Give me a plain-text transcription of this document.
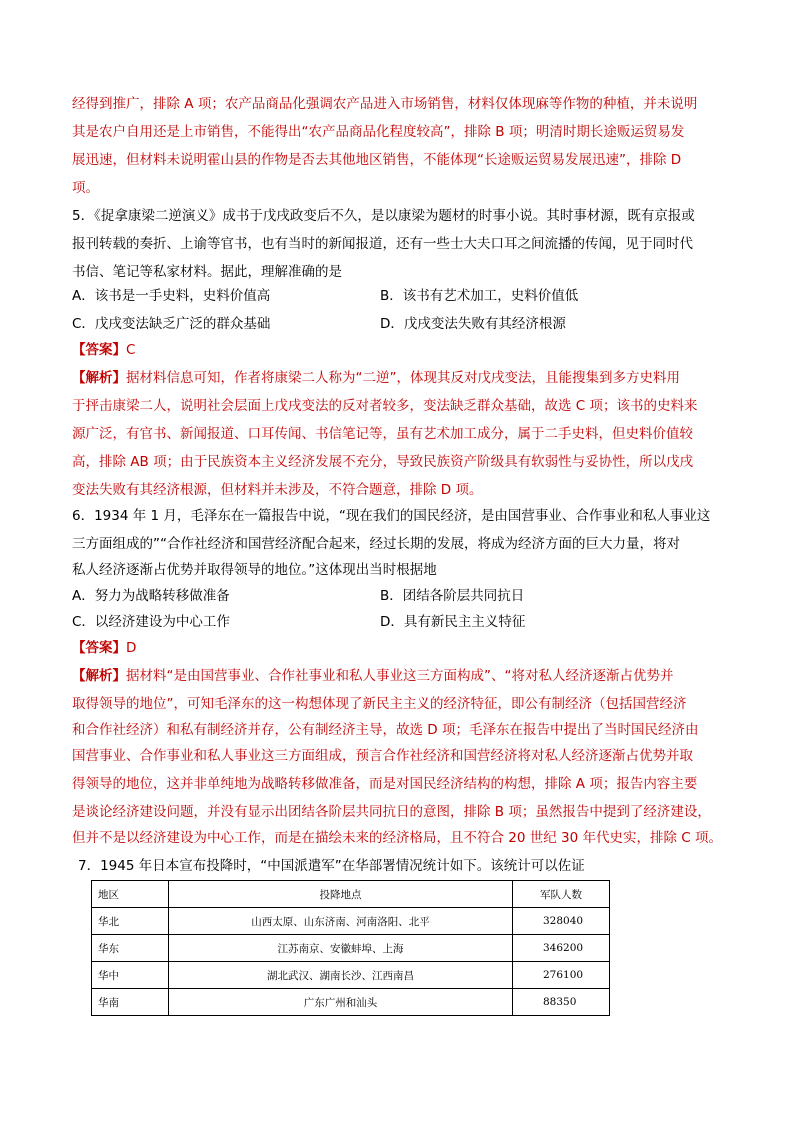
经得到推广，排除 A 项；农产品商品化强调农产品进入市场销售，材料仅体现麻等作物的种植，并未说明
其是农户自用还是上市销售，不能得出“农产品商品化程度较高”，排除 B 项；明清时期长途贩运贸易发
展迅速，但材料未说明霍山县的作物是否去其他地区销售，不能体现“长途贩运贸易发展迅速”，排除 D
项。
5．《捉拿康梁二逆演义》成书于戊戌政变后不久，是以康梁为题材的时事小说。其时事材源，既有京报或
报刊转载的奏折、上谕等官书，也有当时的新闻报道，还有一些士大夫口耳之间流播的传闻，见于同时代
书信、笔记等私家材料。据此，理解准确的是
A．该书是一手史料，史料价值高	B．该书有艺术加工，史料价值低
C．戊戌变法缺乏广泛的群众基础	D．戊戌变法失败有其经济根源
【答案】C
【解析】据材料信息可知，作者将康梁二人称为“二逆”，体现其反对戊戌变法，且能搜集到多方史料用
于抨击康梁二人，说明社会层面上戊戌变法的反对者较多，变法缺乏群众基础，故选 C 项；该书的史料来
源广泛，有官书、新闻报道、口耳传闻、书信笔记等，虽有艺术加工成分，属于二手史料，但史料价值较
高，排除 AB 项；由于民族资本主义经济发展不充分，导致民族资产阶级具有软弱性与妥协性，所以戊戌
变法失败有其经济根源，但材料并未涉及，不符合题意，排除 D 项。
6．1934 年 1 月，毛泽东在一篇报告中说，“现在我们的国民经济，是由国营事业、合作事业和私人事业这
三方面组成的”“合作社经济和国营经济配合起来，经过长期的发展，将成为经济方面的巨大力量，将对
私人经济逐渐占优势并取得领导的地位。”这体现出当时根据地
A．努力为战略转移做准备	B．团结各阶层共同抗日
C．以经济建设为中心工作	D．具有新民主主义特征
【答案】D
【解析】据材料“是由国营事业、合作社事业和私人事业这三方面构成”、“将对私人经济逐渐占优势并
取得领导的地位”，可知毛泽东的这一构想体现了新民主主义的经济特征，即公有制经济（包括国营经济
和合作社经济）和私有制经济并存，公有制经济主导，故选 D 项；毛泽东在报告中提出了当时国民经济由
国营事业、合作事业和私人事业这三方面组成，预言合作社经济和国营经济将对私人经济逐渐占优势并取
得领导的地位，这并非单纯地为战略转移做准备，而是对国民经济结构的构想，排除 A 项；报告内容主要
是谈论经济建设问题，并没有显示出团结各阶层共同抗日的意图，排除 B 项；虽然报告中提到了经济建设，
但并不是以经济建设为中心工作，而是在描绘未来的经济格局，且不符合 20 世纪 30 年代史实，排除 C 项。
7．1945 年日本宣布投降时，“中国派遣军”在华部署情况统计如下。该统计可以佐证
地区	投降地点	军队人数
华北	山西太原、山东济南、河南洛阳、北平	328040
华东	江苏南京、安徽蚌埠、上海	346200
华中	湖北武汉、湖南长沙、江西南昌	276100
华南	广东广州和汕头	88350
